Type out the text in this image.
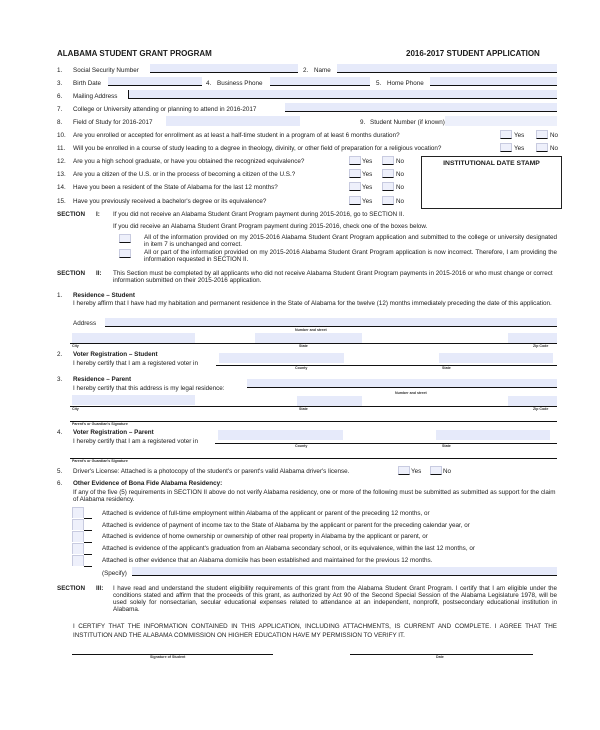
ALABAMA STUDENT GRANT PROGRAM	2016-2017 STUDENT APPLICATION
1. Social Security Number	2. Name
3. Birth Date	4. Business Phone	5. Home Phone
6. Mailing Address
7. College or University attending or planning to attend in 2016-2017
8. Field of Study for 2016-2017	9. Student Number (if known)
10. Are you enrolled or accepted for enrollment as at least a half-time student in a program of at least 6 months duration?	Yes	No
11. Will you be enrolled in a course of study leading to a degree in theology, divinity, or other field of preparation for a religious vocation?	Yes	No
12. Are you a high school graduate, or have you obtained the recognized equivalence?	Yes	No
13. Are you a citizen of the U.S. or in the process of becoming a citizen of the U.S.?	Yes	No
14. Have you been a resident of the State of Alabama for the last 12 months?	Yes	No
15. Have you previously received a bachelor's degree or its equivalence?	Yes	No
INSTITUTIONAL DATE STAMP
SECTION I: If you did not receive an Alabama Student Grant Program payment during 2015-2016, go to SECTION II.
If you did receive an Alabama Student Grant Program payment during 2015-2016, check one of the boxes below.
All of the information provided on my 2015-2016 Alabama Student Grant Program application and submitted to the college or university designated in item 7 is unchanged and correct.
All or part of the information provided on my 2015-2016 Alabama Student Grant Program application is now incorrect. Therefore, I am providing the information requested in SECTION II.
SECTION II: This Section must be completed by all applicants who did not receive Alabama Student Grant Program payments in 2015-2016 or who must change or correct information submitted on their 2015-2016 application.
1. Residence – Student
I hereby affirm that I have had my habitation and permanent residence in the State of Alabama for the twelve (12) months immediately preceding the date of this application.
Address
Number and street
City	State	Zip Code
2. Voter Registration – Student
I hereby certify that I am a registered voter in
County	State
3. Residence – Parent
I hereby certify that this address is my legal residence:
Number and street
City	State	Zip Code
Parent's or Guardian's Signature
4. Voter Registration – Parent
I hereby certify that I am a registered voter in
County	State
Parent's or Guardian's Signature
5. Driver's License: Attached is a photocopy of the student's or parent's valid Alabama driver's license.	Yes	No
6. Other Evidence of Bona Fide Alabama Residency:
If any of the five (5) requirements in SECTION II above do not verify Alabama residency, one or more of the following must be submitted as submitted as support for the claim of Alabama residency.
Attached is evidence of full-time employment within Alabama of the applicant or parent of the preceding 12 months, or
Attached is evidence of payment of income tax to the State of Alabama by the applicant or parent for the preceding calendar year, or
Attached is evidence of home ownership or ownership of other real property in Alabama by the applicant or parent, or
Attached is evidence of the applicant's graduation from an Alabama secondary school, or its equivalence, within the last 12 months, or
Attached is other evidence that an Alabama domicile has been established and maintained for the previous 12 months.
(Specify)
SECTION III: I have read and understand the student eligibility requirements of this grant from the Alabama Student Grant Program. I certify that I am eligible under the conditions stated and affirm that the proceeds of this grant, as authorized by Act 90 of the Second Special Session of the Alabama Legislature 1978, will be used solely for nonsectarian, secular educational expenses related to attendance at an independent, nonprofit, postsecondary educational institution in Alabama.
I CERTIFY THAT THE INFORMATION CONTAINED IN THIS APPLICATION, INCLUDING ATTACHMENTS, IS CURRENT AND COMPLETE. I AGREE THAT THE INSTITUTION AND THE ALABAMA COMMISSION ON HIGHER EDUCATION HAVE MY PERMISSION TO VERIFY IT.
Signature of Student	Date
